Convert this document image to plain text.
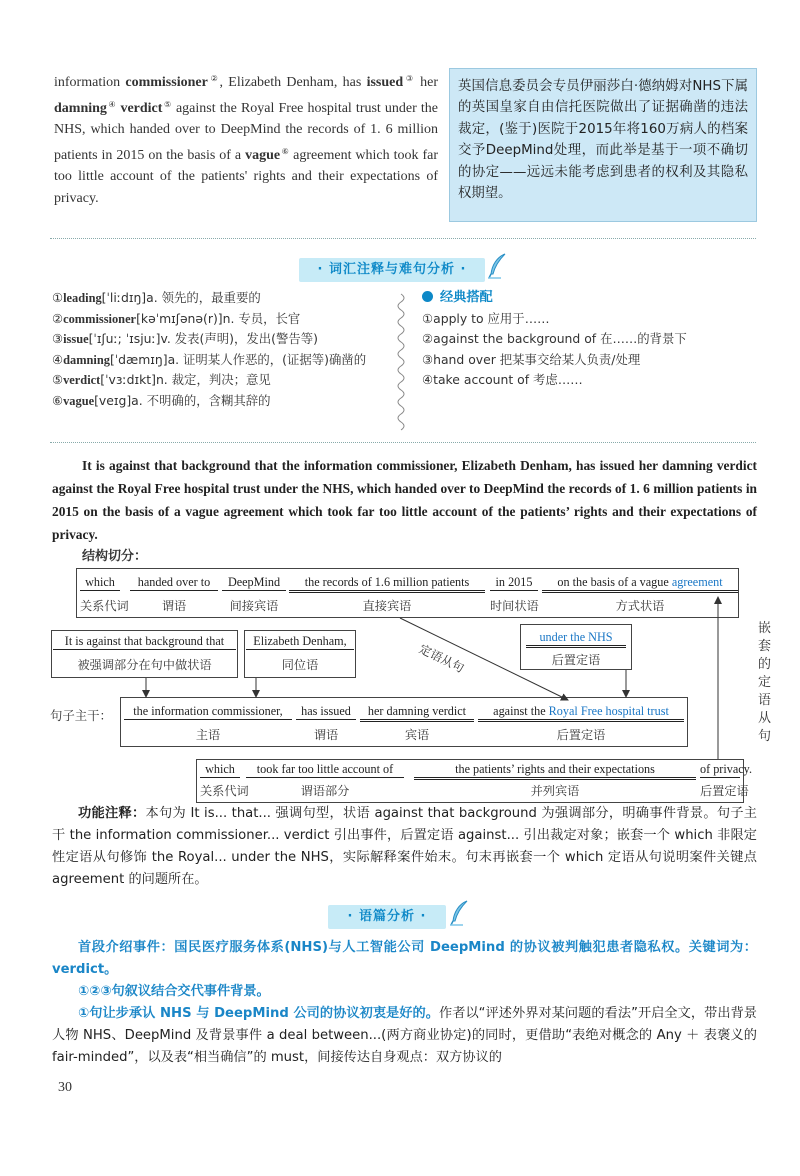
information commissioner②, Elizabeth Denham, has issued③ her damning④ verdict⑤ against the Royal Free hospital trust under the NHS, which handed over to DeepMind the records of 1. 6 million patients in 2015 on the basis of a vague⑥ agreement which took far too little account of the patients' rights and their expectations of privacy.
英国信息委员会专员伊丽莎白·德纳姆对NHS下属的英国皇家自由信托医院做出了证据确凿的违法裁定，(鉴于)医院于2015年将160万病人的档案交予DeepMind处理，而此举是基于一项不确切的协定——远远未能考虑到患者的权利及其隐私权期望。
· 词汇注释与难句分析 ·
①leading[ˈliːdɪŋ]a. 领先的，最重要的
②commissioner[kəˈmɪʃənə(r)]n. 专员，长官
③issue[ˈɪʃuː; ˈɪsjuː]v. 发表(声明)，发出(警告等)
④damning[ˈdæmɪŋ]a. 证明某人作恶的，(证据等)确凿的
⑤verdict[ˈvɜːdɪkt]n. 裁定，判决；意见
⑥vague[veɪg]a. 不明确的，含糊其辞的
经典搭配
①apply to 应用于……
②against the background of 在……的背景下
③hand over 把某事交给某人负责/处理
④take account of 考虑……
It is against that background that the information commissioner, Elizabeth Denham, has issued her damning verdict against the Royal Free hospital trust under the NHS, which handed over to DeepMind the records of 1. 6 million patients in 2015 on the basis of a vague agreement which took far too little account of the patients’ rights and their expectations of privacy.
结构切分：
which	handed over to	DeepMind	the records of 1.6 million patients	in 2015	on the basis of a vague agreement
关系代词	谓语	间接宾语	直接宾语	时间状语	方式状语
It is against that background that
被强调部分在句中做状语
Elizabeth Denham,
同位语
under the NHS
后置定语
句子主干：	the information commissioner,	has issued	her damning verdict	against the Royal Free hospital trust
主语	谓语	宾语	后置定语
which	took far too little account of	the patients’ rights and their expectations	of privacy.
关系代词	谓语部分	并列宾语	后置定语
定语从句
嵌套的定语从句
功能注释：本句为 It is... that... 强调句型，状语 against that background 为强调部分，明确事件背景。句子主干 the information commissioner... verdict 引出事件，后置定语 against... 引出裁定对象；嵌套一个 which 非限定性定语从句修饰 the Royal... under the NHS，实际解释案件始末。句末再嵌套一个 which 定语从句说明案件关键点 agreement 的问题所在。
· 语篇分析 ·

首段介绍事件：国民医疗服务体系(NHS)与人工智能公司 DeepMind 的协议被判触犯患者隐私权。关键词为：verdict。

①②③句叙议结合交代事件背景。

①句让步承认 NHS 与 DeepMind 公司的协议初衷是好的。作者以“评述外界对某问题的看法”开启全文，带出背景人物 NHS、DeepMind 及背景事件 a deal between...(两方商业协定)的同时，更借助“表绝对概念的 Any ＋ 表褒义的 fair-minded”，以及表“相当确信”的 must，间接传达自身观点：双方协议的

30
